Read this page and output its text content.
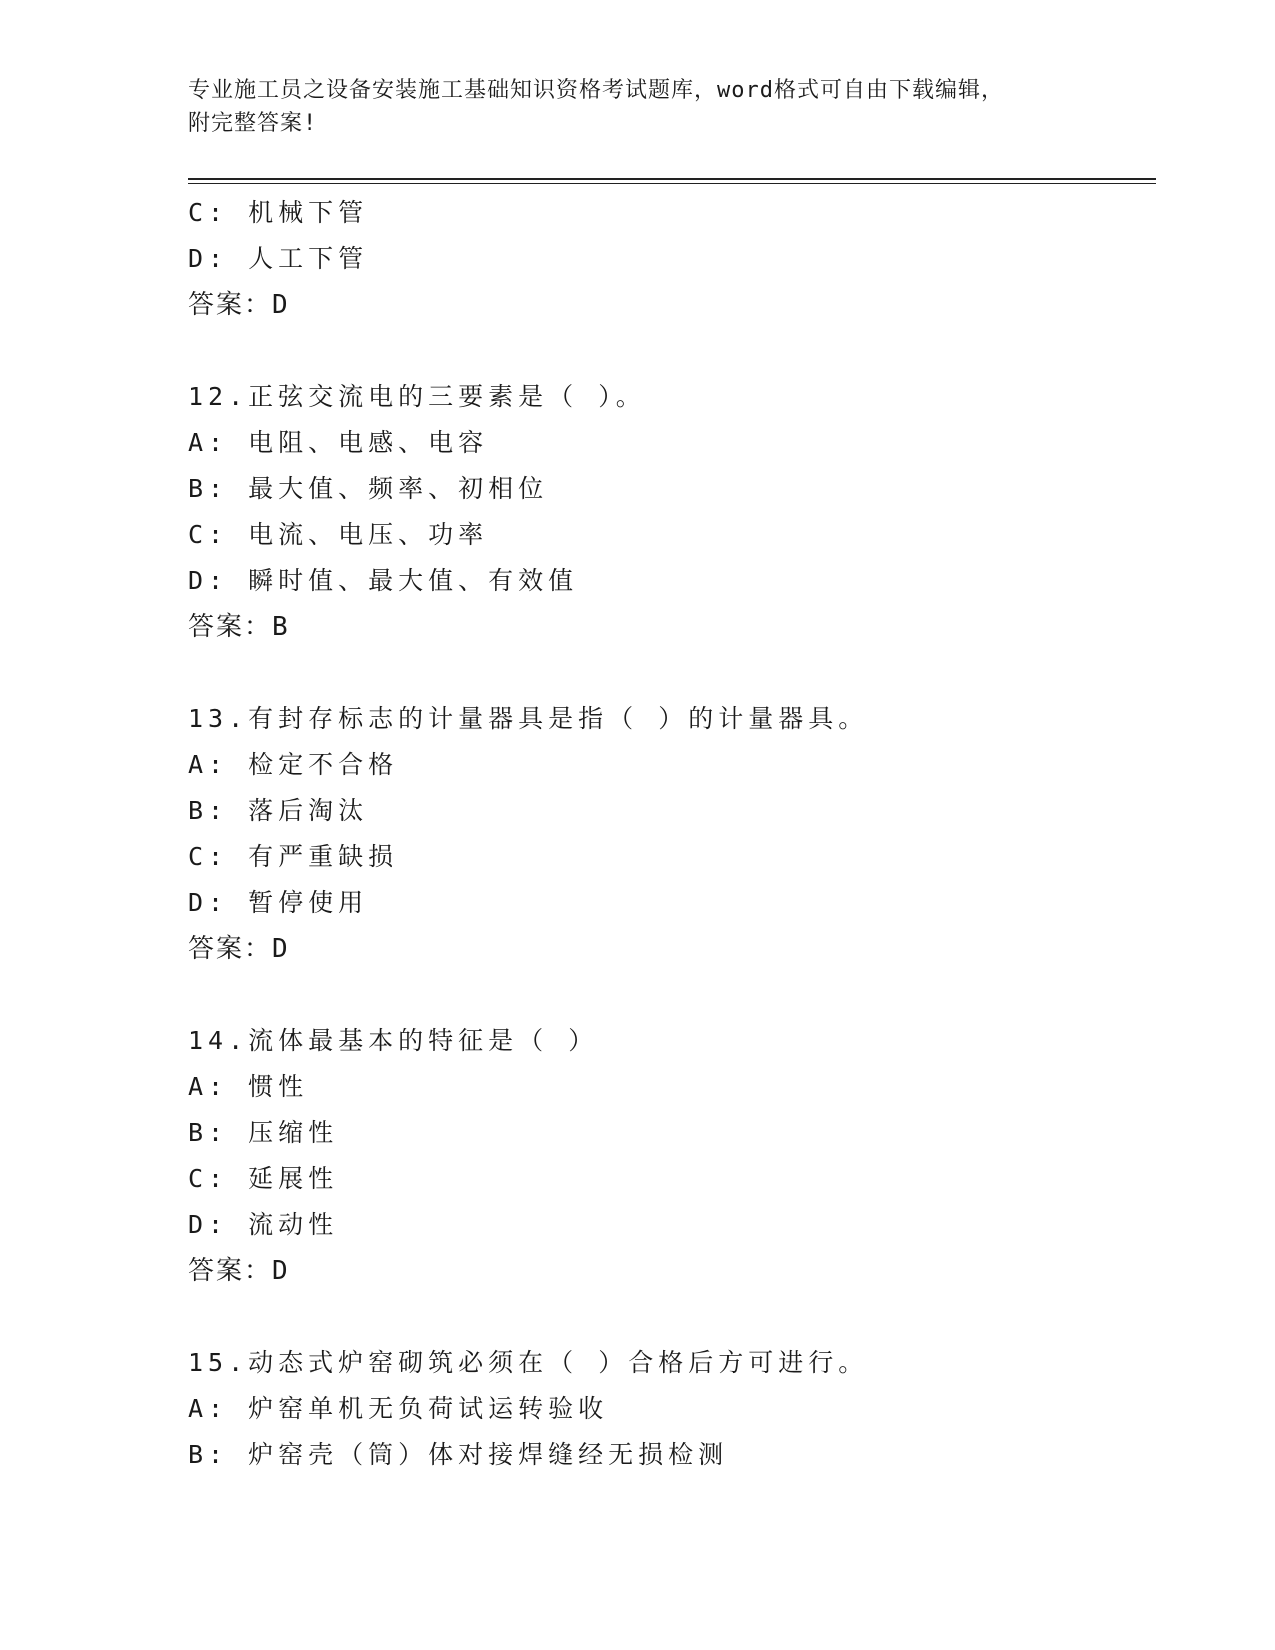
专业施工员之设备安装施工基础知识资格考试题库，word格式可自由下载编辑，
附完整答案!
C: 机械下管
D: 人工下管
答案：D
12.正弦交流电的三要素是（ ）。
A: 电阻、电感、电容
B: 最大值、频率、初相位
C: 电流、电压、功率
D: 瞬时值、最大值、有效值
答案：B
13.有封存标志的计量器具是指（ ）的计量器具。
A: 检定不合格
B: 落后淘汰
C: 有严重缺损
D: 暂停使用
答案：D
14.流体最基本的特征是（ ）
A: 惯性
B: 压缩性
C: 延展性
D: 流动性
答案：D
15.动态式炉窑砌筑必须在（ ）合格后方可进行。
A: 炉窑单机无负荷试运转验收
B: 炉窑壳（筒）体对接焊缝经无损检测
